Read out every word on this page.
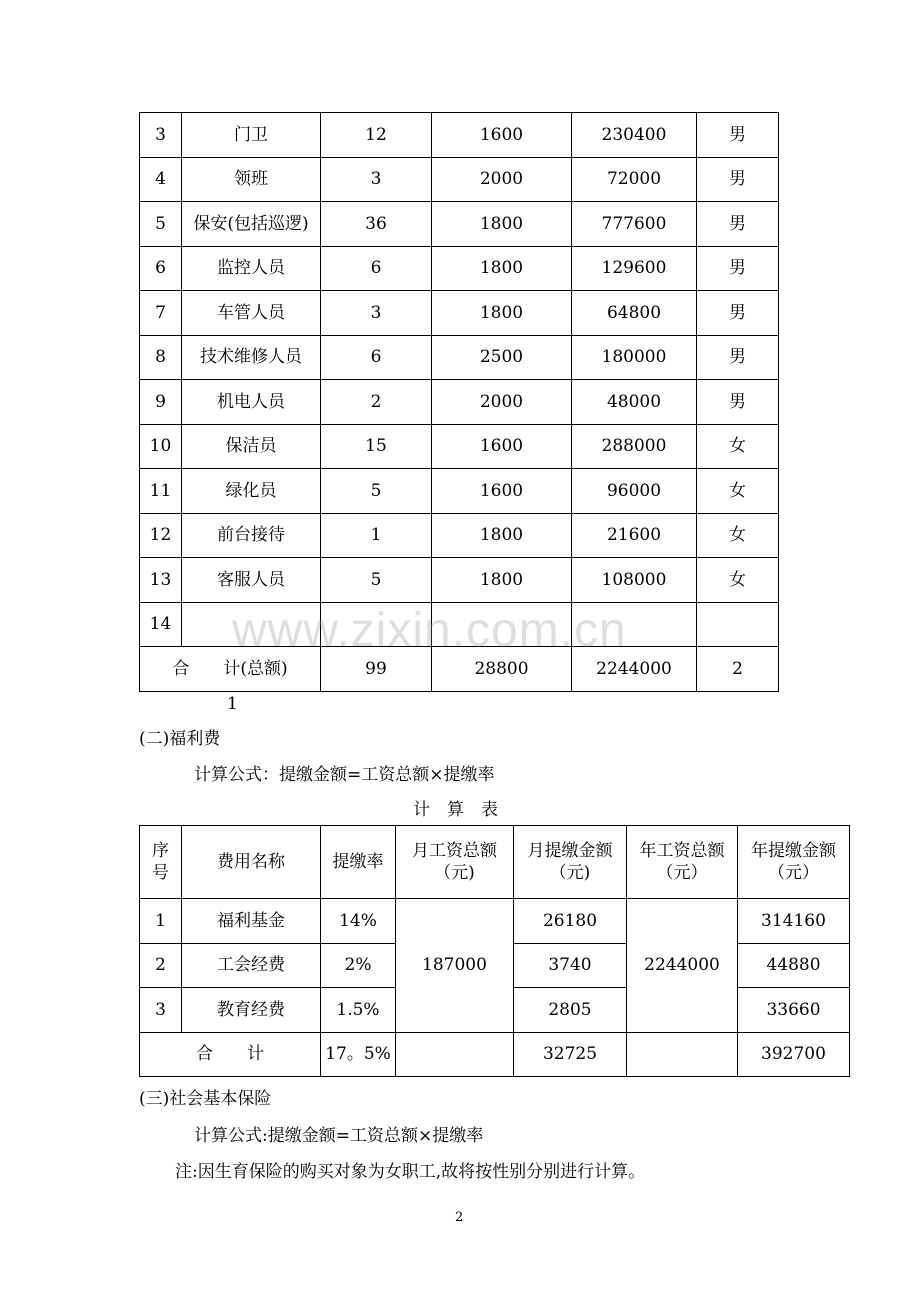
3	门卫	12	1600	230400	男
4	领班	3	2000	72000	男
5	保安(包括巡逻)	36	1800	777600	男
6	监控人员	6	1800	129600	男
7	车管人员	3	1800	64800	男
8	技术维修人员	6	2500	180000	男
9	机电人员	2	2000	48000	男
10	保洁员	15	1600	288000	女
11	绿化员	5	1600	96000	女
12	前台接待	1	1800	21600	女
13	客服人员	5	1800	108000	女
14					
合　　计(总额)		99	28800	2244000	2
www.zixin.com.cn
1
(二)福利费
计算公式：提缴金额=工资总额×提缴率
计　算　表
序号	费用名称	提缴率	月工资总额（元)	月提缴金额（元)	年工资总额（元）	年提缴金额（元）
1	福利基金	14%	187000	26180	2244000	314160
2	工会经费	2%		3740		44880
3	教育经费	1.5%		2805		33660
合　　计		17。5%		32725		392700
(三)社会基本保险
计算公式:提缴金额=工资总额×提缴率
注:因生育保险的购买对象为女职工,故将按性别分别进行计算。
2
